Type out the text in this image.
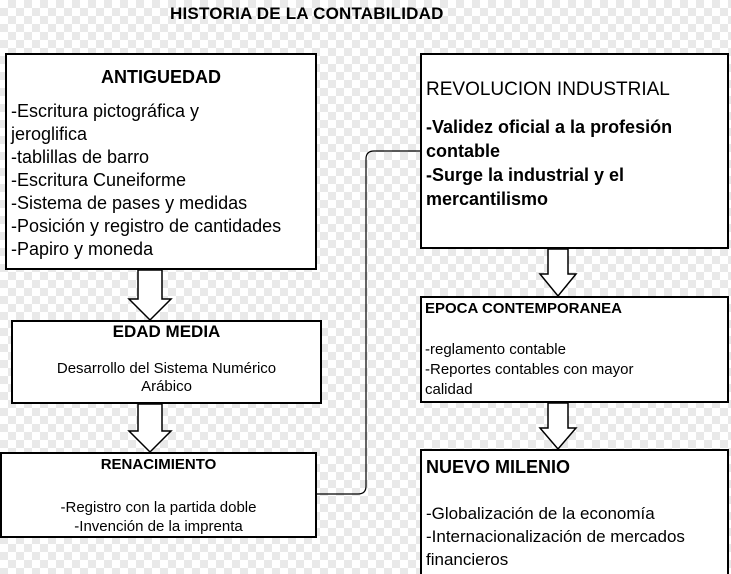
HISTORIA DE LA CONTABILIDAD
ANTIGUEDAD
-Escritura pictográfica y
jeroglifica
-tablillas de barro
-Escritura Cuneiforme
-Sistema de pases y medidas
-Posición y registro de cantidades
-Papiro y moneda
EDAD MEDIA
Desarrollo del Sistema Numérico
Arábico
RENACIMIENTO
-Registro con la partida doble
-Invención de la imprenta
REVOLUCION INDUSTRIAL
-Validez oficial a la profesión
contable
-Surge la industrial y el
mercantilismo
EPOCA CONTEMPORANEA
-reglamento contable
-Reportes contables con mayor
calidad
NUEVO MILENIO
-Globalización de la economía
-Internacionalización de mercados
financieros
